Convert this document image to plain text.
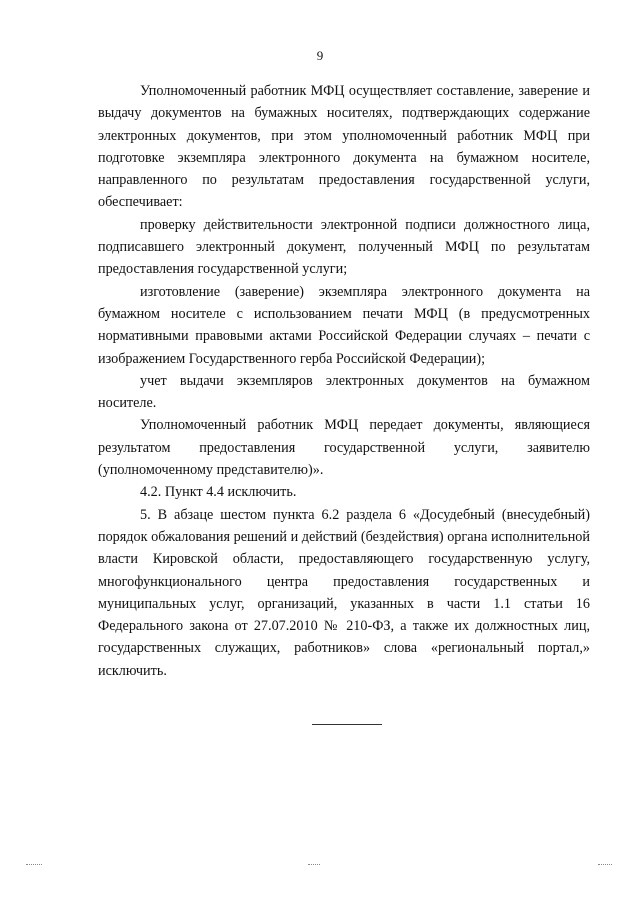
9

Уполномоченный работник МФЦ осуществляет составление, заверение и выдачу документов на бумажных носителях, подтверждающих содержание электронных документов, при этом уполномоченный работник МФЦ при подготовке экземпляра электронного документа на бумажном носителе, направленного по результатам предоставления государственной услуги, обеспечивает:

проверку действительности электронной подписи должностного лица, подписавшего электронный документ, полученный МФЦ по результатам предоставления государственной услуги;

изготовление (заверение) экземпляра электронного документа на бумажном носителе с использованием печати МФЦ (в предусмотренных нормативными правовыми актами Российской Федерации случаях – печати с изображением Государственного герба Российской Федерации);

учет выдачи экземпляров электронных документов на бумажном носителе.

Уполномоченный работник МФЦ передает документы, являющиеся результатом предоставления государственной услуги, заявителю (уполномоченному представителю)».

4.2. Пункт 4.4 исключить.

5. В абзаце шестом пункта 6.2 раздела 6 «Досудебный (внесудебный) порядок обжалования решений и действий (бездействия) органа исполнительной власти Кировской области, предоставляющего государственную услугу, многофункционального центра предоставления государственных и муниципальных услуг, организаций, указанных в части 1.1 статьи 16 Федерального закона от 27.07.2010 № 210-ФЗ, а также их должностных лиц, государственных служащих, работников» слова «региональный портал,» исключить.
